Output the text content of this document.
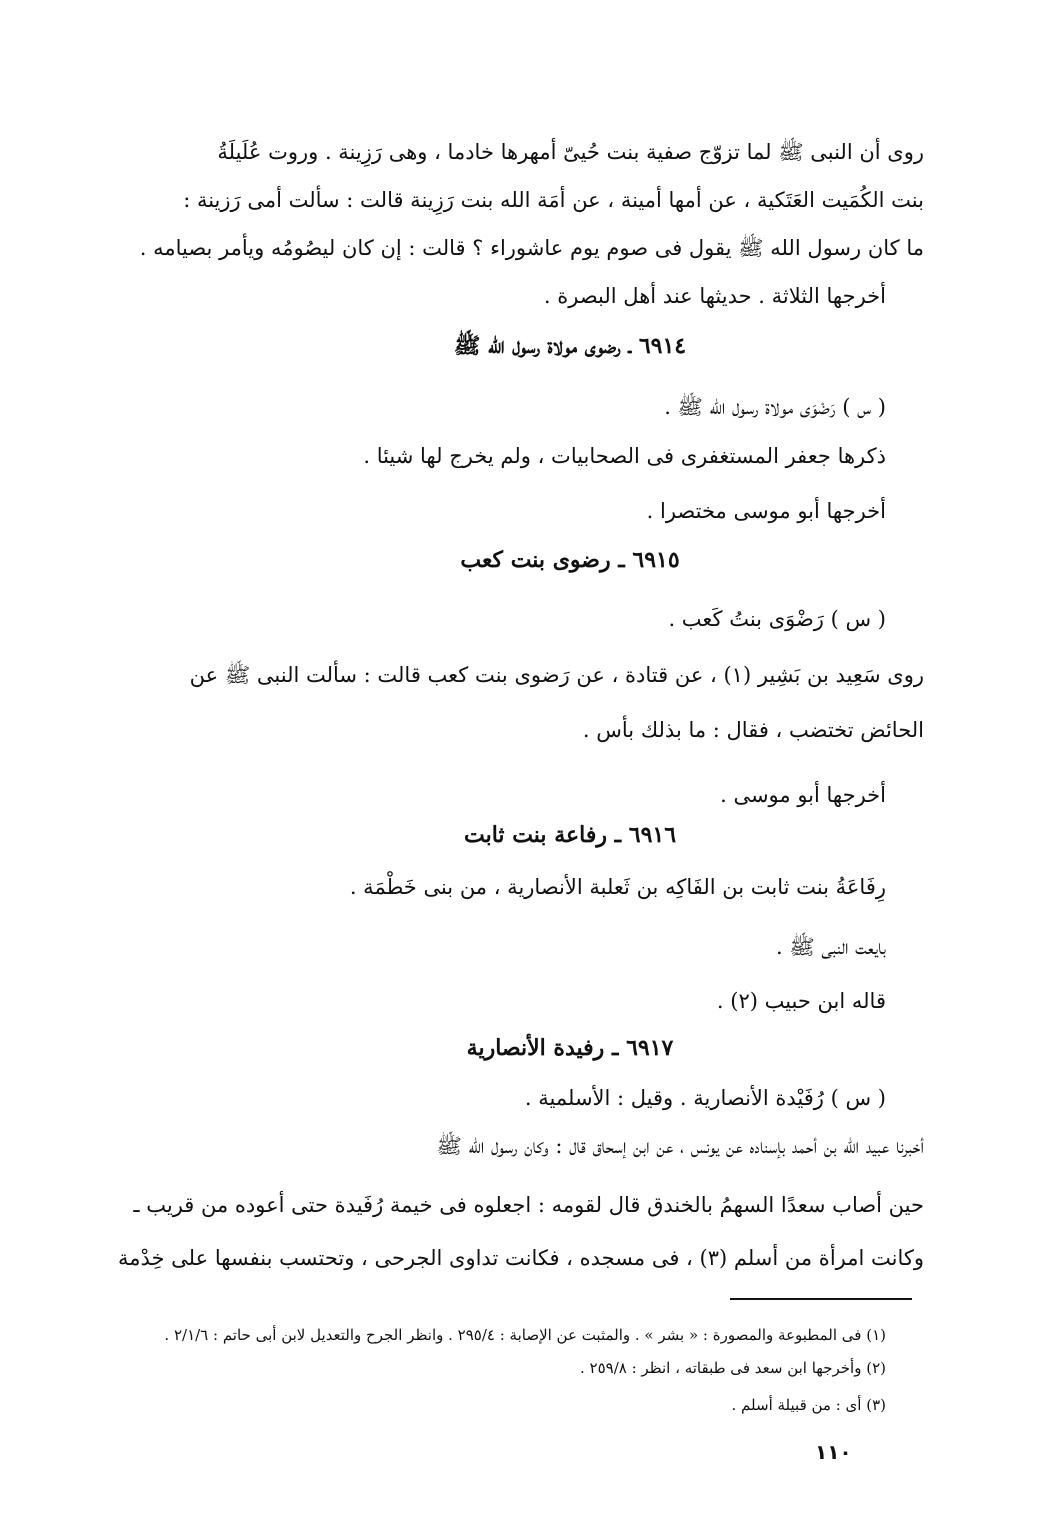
روى أن النبى ﷺ لما تزوّج صفية بنت حُيىّ أمهرها خادما ، وهى رَزِينة . وروت عُلَيلَةُ
بنت الكُمَيت العَتَكية ، عن أمها أمينة ، عن أمَة الله بنت رَزِينة قالت : سألت أمى رَزينة :
ما كان رسول الله ﷺ يقول فى صوم يوم عاشوراء ؟ قالت : إن كان ليصُومُه ويأمر بصيامه .
أخرجها الثلاثة . حديثها عند أهل البصرة .
٦٩١٤ ـ رضوى مولاة رسول الله ﷺ
( س ) رَضْوَى مولاة رسول الله ﷺ .
ذكرها جعفر المستغفرى فى الصحابيات ، ولم يخرج لها شيئا .
أخرجها أبو موسى مختصرا .
٦٩١٥ ـ رضوى بنت كعب
( س ) رَضْوَى بنتُ كَعب .
روى سَعِيد بن بَشِير (١) ، عن قتادة ، عن رَضوى بنت كعب قالت : سألت النبى ﷺ عن
الحائض تختضب ، فقال : ما بذلك بأس .
أخرجها أبو موسى .
٦٩١٦ ـ رفاعة بنت ثابت
رِفَاعَةُ بنت ثابت بن الفَاكِه بن ثَعلبة الأنصارية ، من بنى خَطْمَة .
بايعت النبى ﷺ .
قاله ابن حبيب (٢) .
٦٩١٧ ـ رفيدة الأنصارية
( س ) رُفَيْدة الأنصارية . وقيل : الأسلمية .
أخبرنا عبيد الله بن أحمد بإسناده عن يونس ، عن ابن إسحاق قال : وكان رسول الله ﷺ
حين أصاب سعدًا السهمُ بالخندق قال لقومه : اجعلوه فى خيمة رُفَيدة حتى أعوده من قريب ـ
وكانت امرأة من أسلم (٣) ، فى مسجده ، فكانت تداوى الجرحى ، وتحتسب بنفسها على خِدْمة
(١) فى المطبوعة والمصورة : « بشر » . والمثبت عن الإصابة : ٢٩٥/٤ . وانظر الجرح والتعديل لابن أبى حاتم : ٢/١/٦ .
(٢) وأخرجها ابن سعد فى طبقاته ، انظر : ٢٥٩/٨ .
(٣) أى : من قبيلة أسلم .
١١٠
